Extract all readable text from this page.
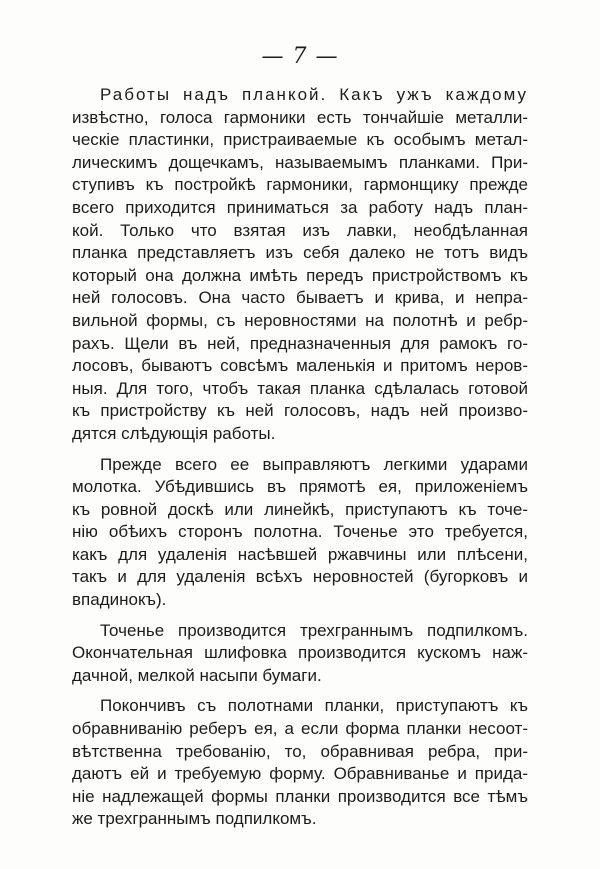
— 7 —
Работы надъ планкой. Какъ ужъ каждому
извѣстно, голоса гармоники есть тончайшiе металли-
ческiе пластинки, пристраиваемые къ особымъ метал-
лическимъ дощечкамъ, называемымъ планками. При-
ступивъ къ постройкѣ гармоники, гармонщику прежде
всего приходится приниматься за работу надъ план-
кой. Только что взятая изъ лавки, необдѣланная
планка представляетъ изъ себя далеко не тотъ видъ
который она должна имѣть передъ пристройствомъ къ
ней голосовъ. Она часто бываетъ и крива, и непра-
вильной формы, съ неровностями на полотнѣ и ребр-
рахъ. Щели въ ней, предназначенныя для рамокъ го-
лосовъ, бываютъ совсѣмъ маленькiя и притомъ неров-
ныя. Для того, чтобъ такая планка сдѣлалась готовой
къ пристройству къ ней голосовъ, надъ ней произво-
дятся слѣдующiя работы.
Прежде всего ее выправляютъ легкими ударами
молотка. Убѣдившись въ прямотѣ ея, приложенiемъ
къ ровной доскѣ или линейкѣ, приступаютъ къ точе-
нiю обѣихъ сторонъ полотна. Точенье это требуется,
какъ для удаленiя насѣвшей ржавчины или плѣсени,
такъ и для удаленiя всѣхъ неровностей (бугорковъ и
впадинокъ).
Точенье производится трехграннымъ подпилкомъ.
Окончательная шлифовка производится кускомъ наж-
дачной, мелкой насыпи бумаги.
Покончивъ съ полотнами планки, приступаютъ къ
обравниванiю реберъ ея, а если форма планки несоот-
вѣтственна требованiю, то, обравнивая ребра, при-
даютъ ей и требуемую форму. Обравниванье и прида-
нiе надлежащей формы планки производится все тѣмъ
же трехграннымъ подпилкомъ.
